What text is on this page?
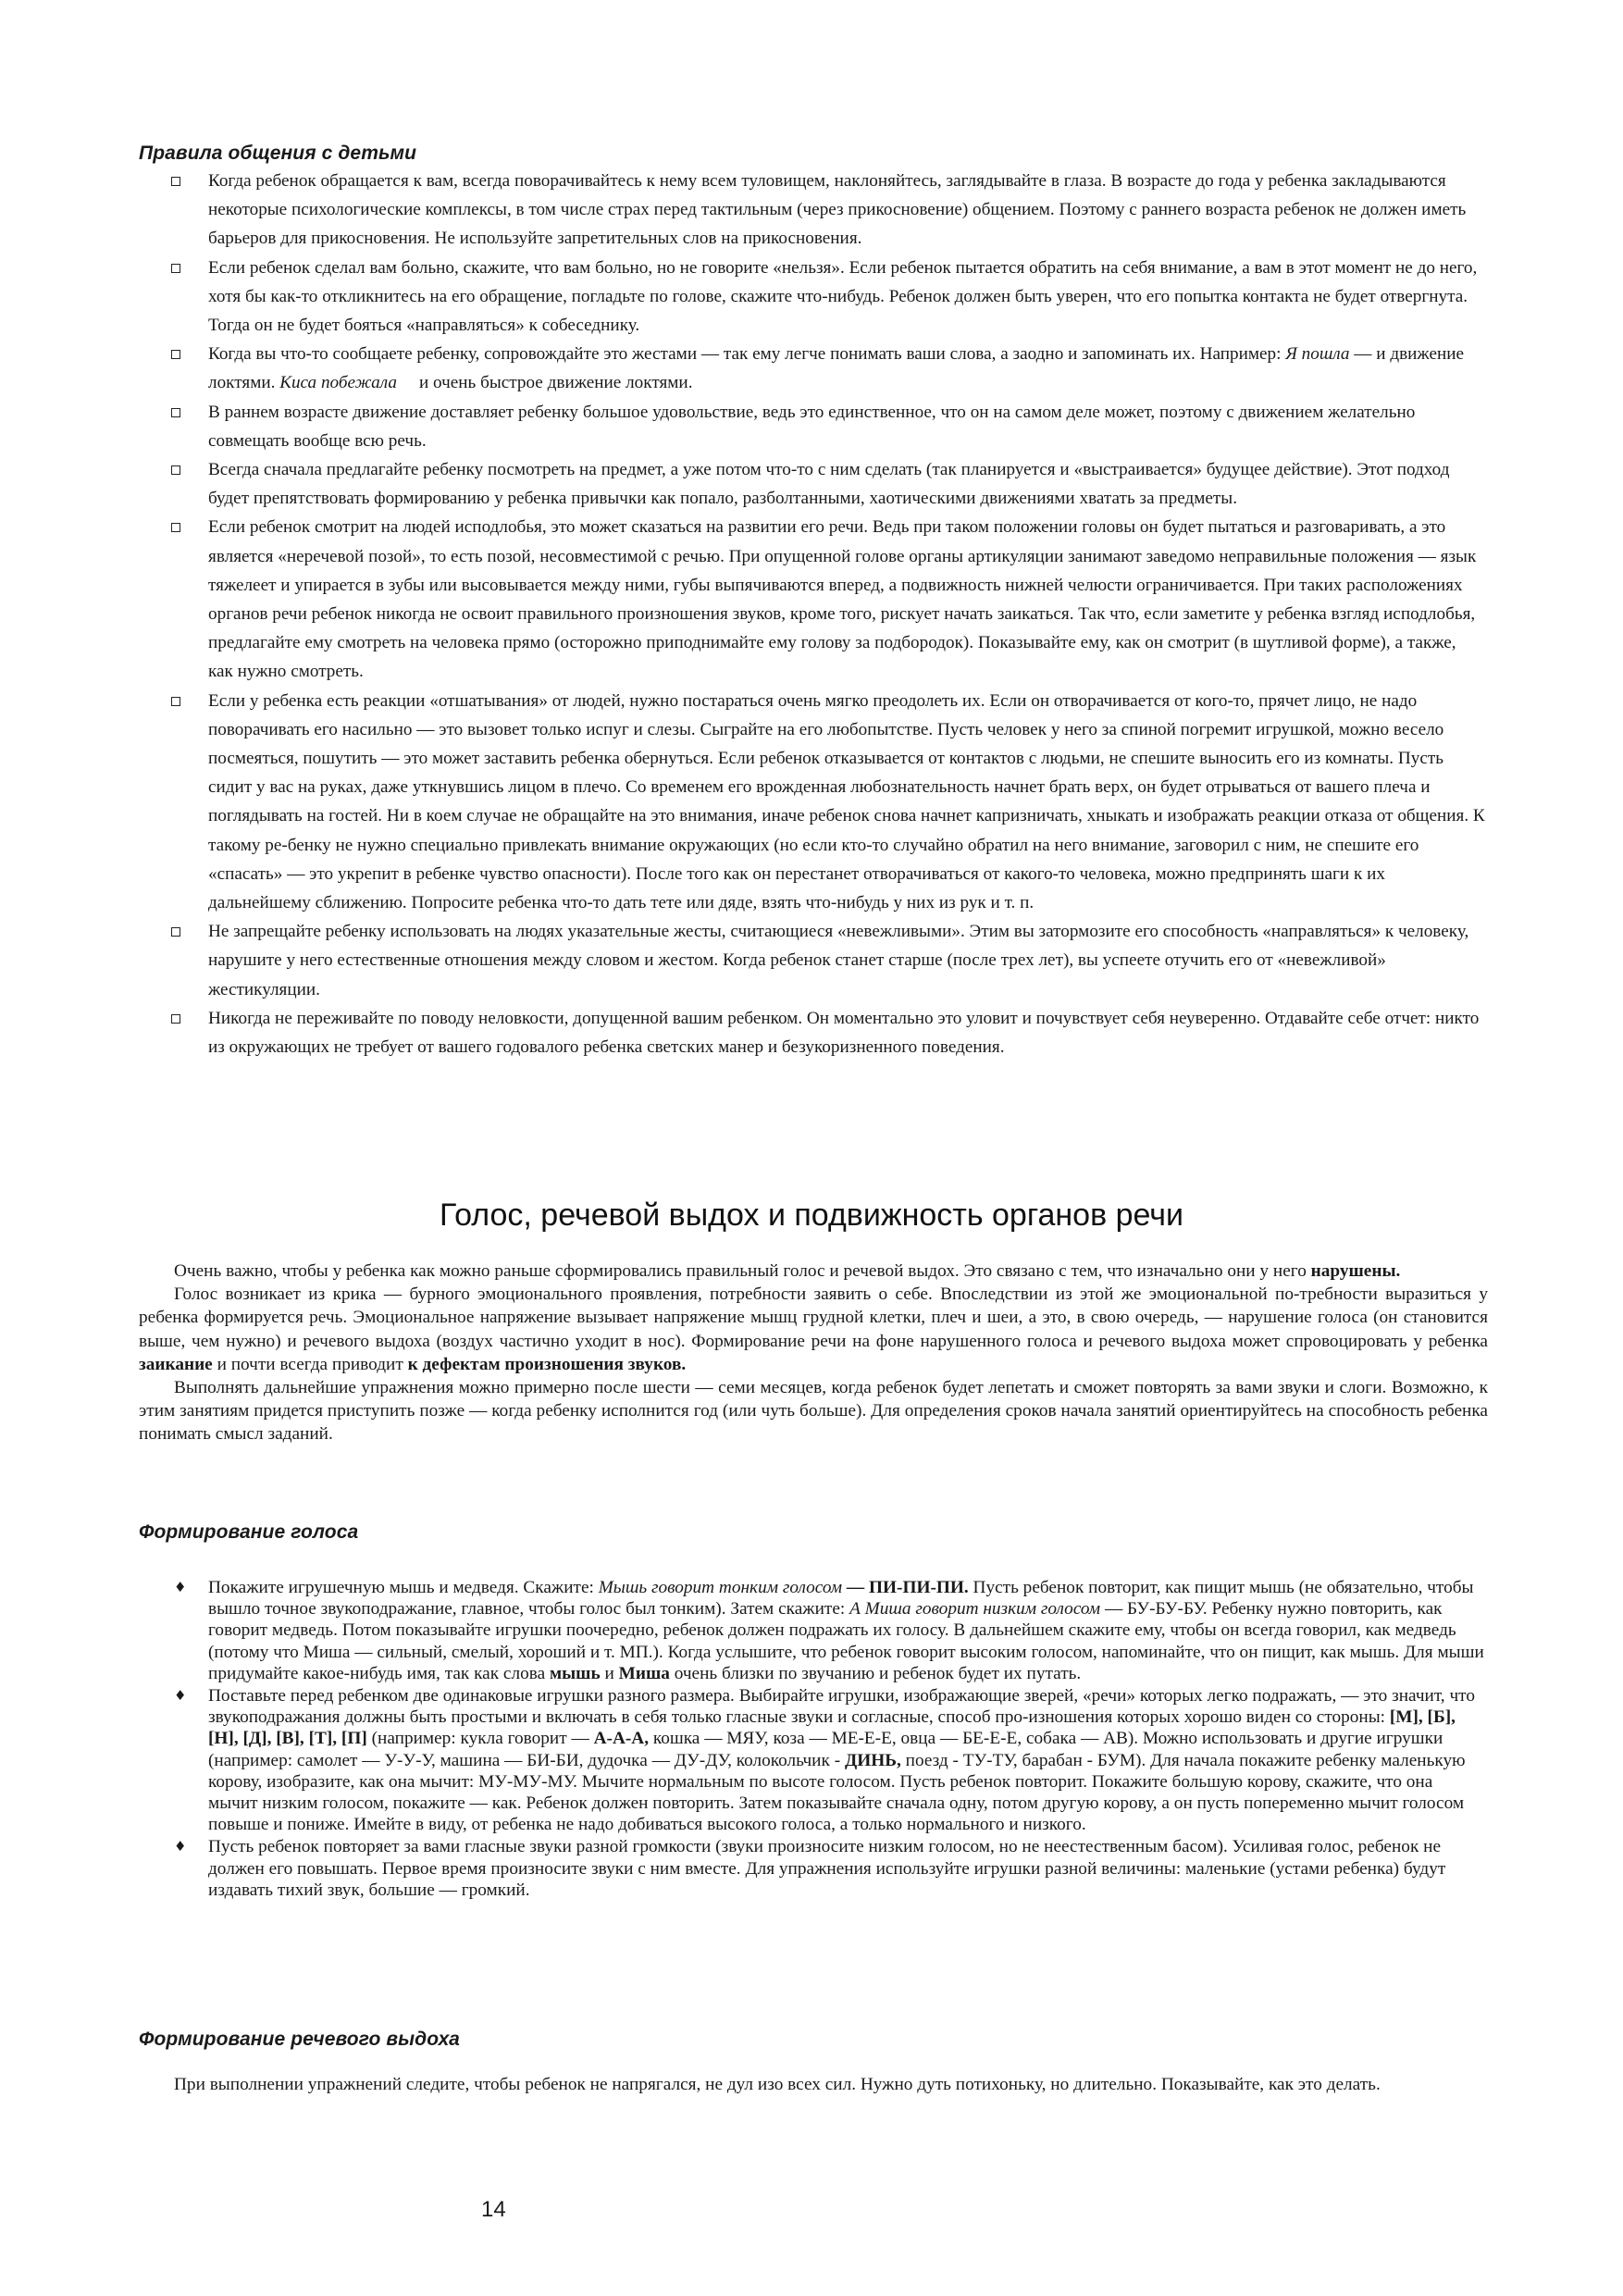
Правила общения с детьми
Когда ребенок обращается к вам, всегда поворачивайтесь к нему всем туловищем, наклоняйтесь, заглядывайте в глаза. В возрасте до года у ребенка закладываются некоторые психологические комплексы, в том числе страх перед тактильным (через прикосновение) общением. Поэтому с раннего возраста ребенок не должен иметь барьеров для прикосновения. Не используйте запретительных слов на прикосновения.
Если ребенок сделал вам больно, скажите, что вам больно, но не говорите «нельзя». Если ребенок пытается обратить на себя внимание, а вам в этот момент не до него, хотя бы как-то откликнитесь на его обращение, погладьте по голове, скажите что-нибудь. Ребенок должен быть уверен, что его попытка контакта не будет отвергнута. Тогда он не будет бояться «направляться» к собеседнику.
Когда вы что-то сообщаете ребенку, сопровождайте это жестами — так ему легче понимать ваши слова, а заодно и запоминать их. Например: Я пошла — и движение локтями. Киса побежала и очень быстрое движение локтями.
В раннем возрасте движение доставляет ребенку большое удовольствие, ведь это единственное, что он на самом деле может, поэтому с движением желательно совмещать вообще всю речь.
Всегда сначала предлагайте ребенку посмотреть на предмет, а уже потом что-то с ним сделать (так планируется и «выстраивается» будущее действие). Этот подход будет препятствовать формированию у ребенка привычки как попало, разболтанными, хаотическими движениями хватать за предметы.
Если ребенок смотрит на людей исподлобья, это может сказаться на развитии его речи. Ведь при таком положении головы он будет пытаться и разговаривать, а это является «неречевой позой», то есть позой, несовместимой с речью. При опущенной голове органы артикуляции занимают заведомо неправильные положения — язык тяжелеет и упирается в зубы или высовывается между ними, губы выпячиваются вперед, а подвижность нижней челюсти ограничивается. При таких расположениях органов речи ребенок никогда не освоит правильного произношения звуков, кроме того, рискует начать заикаться. Так что, если заметите у ребенка взгляд исподлобья, предлагайте ему смотреть на человека прямо (осторожно приподнимайте ему голову за подбородок). Показывайте ему, как он смотрит (в шутливой форме), а также, как нужно смотреть.
Если у ребенка есть реакции «отшатывания» от людей, нужно постараться очень мягко преодолеть их. Если он отворачивается от кого-то, прячет лицо, не надо поворачивать его насильно — это вызовет только испуг и слезы. Сыграйте на его любопытстве. Пусть человек у него за спиной погремит игрушкой, можно весело посмеяться, пошутить — это может заставить ребенка обернуться. Если ребенок отказывается от контактов с людьми, не спешите выносить его из комнаты. Пусть сидит у вас на руках, даже уткнувшись лицом в плечо. Со временем его врожденная любознательность начнет брать верх, он будет отрываться от вашего плеча и поглядывать на гостей. Ни в коем случае не обращайте на это внимания, иначе ребенок снова начнет капризничать, хныкать и изображать реакции отказа от общения. К такому ре-бенку не нужно специально привлекать внимание окружающих (но если кто-то случайно обратил на него внимание, заговорил с ним, не спешите его «спасать» — это укрепит в ребенке чувство опасности). После того как он перестанет отворачиваться от какого-то человека, можно предпринять шаги к их дальнейшему сближению. Попросите ребенка что-то дать тете или дяде, взять что-нибудь у них из рук и т. п.
Не запрещайте ребенку использовать на людях указательные жесты, считающиеся «невежливыми». Этим вы затормозите его способность «направляться» к человеку, нарушите у него естественные отношения между словом и жестом. Когда ребенок станет старше (после трех лет), вы успеете отучить его от «невежливой» жестикуляции.
Никогда не переживайте по поводу неловкости, допущенной вашим ребенком. Он моментально это уловит и почувствует себя неуверенно. Отдавайте себе отчет: никто из окружающих не требует от вашего годовалого ребенка светских манер и безукоризненного поведения.
Голос, речевой выдох и подвижность органов речи

Очень важно, чтобы у ребенка как можно раньше сформировались правильный голос и речевой выдох. Это связано с тем, что изначально они у него нарушены.

Голос возникает из крика — бурного эмоционального проявления, потребности заявить о себе. Впоследствии из этой же эмоциональной по-требности выразиться у ребенка формируется речь. Эмоциональное напряжение вызывает напряжение мышц грудной клетки, плеч и шеи, а это, в свою очередь, — нарушение голоса (он становится выше, чем нужно) и речевого выдоха (воздух частично уходит в нос). Формирование речи на фоне нарушенного голоса и речевого выдоха может спровоцировать у ребенка заикание и почти всегда приводит к дефектам произношения звуков.

Выполнять дальнейшие упражнения можно примерно после шести — семи месяцев, когда ребенок будет лепетать и сможет повторять за вами звуки и слоги. Возможно, к этим занятиям придется приступить позже — когда ребенку исполнится год (или чуть больше). Для определения сроков начала занятий ориентируйтесь на способность ребенка понимать смысл заданий.

Формирование голоса
♦ Покажите игрушечную мышь и медведя. Скажите: Мышь говорит тонким голосом — ПИ-ПИ-ПИ. Пусть ребенок повторит, как пищит мышь (не обязательно, чтобы вышло точное звукоподражание, главное, чтобы голос был тонким). Затем скажите: А Миша говорит низким голосом — БУ-БУ-БУ. Ребенку нужно повторить, как говорит медведь. Потом показывайте игрушки поочередно, ребенок должен подражать их голосу. В дальнейшем скажите ему, чтобы он всегда говорил, как медведь (потому что Миша — сильный, смелый, хороший и т. МП.). Когда услышите, что ребенок говорит высоким голосом, напоминайте, что он пищит, как мышь. Для мыши придумайте какое-нибудь имя, так как слова мышь и Миша очень близки по звучанию и ребенок будет их путать.
♦ Поставьте перед ребенком две одинаковые игрушки разного размера. Выбирайте игрушки, изображающие зверей, «речи» которых легко подражать, — это значит, что звукоподражания должны быть простыми и включать в себя только гласные звуки и согласные, способ про-изношения которых хорошо виден со стороны: [М], [Б], [Н], [Д], [В], [Т], [П] (например: кукла говорит — А-А-А, кошка — МЯУ, коза — МЕ-Е-Е, овца — БЕ-Е-Е, собака — АВ). Можно использовать и другие игрушки (например: самолет — У-У-У, машина — БИ-БИ, дудочка — ДУ-ДУ, колокольчик - ДИНЬ, поезд - ТУ-ТУ, барабан - БУМ). Для начала покажите ребенку маленькую корову, изобразите, как она мычит: МУ-МУ-МУ. Мычите нормальным по высоте голосом. Пусть ребенок повторит. Покажите большую корову, скажите, что она мычит низким голосом, покажите — как. Ребенок должен повторить. Затем показывайте сначала одну, потом другую корову, а он пусть попеременно мычит голосом повыше и пониже. Имейте в виду, от ребенка не надо добиваться высокого голоса, а только нормального и низкого.
♦ Пусть ребенок повторяет за вами гласные звуки разной громкости (звуки произносите низким голосом, но не неестественным басом). Усиливая голос, ребенок не должен его повышать. Первое время произносите звуки с ним вместе. Для упражнения используйте игрушки разной величины: маленькие (устами ребенка) будут издавать тихий звук, большие — громкий.
Формирование речевого выдоха

При выполнении упражнений следите, чтобы ребенок не напрягался, не дул изо всех сил. Нужно дуть потихоньку, но длительно. Показывайте, как это делать.

14
